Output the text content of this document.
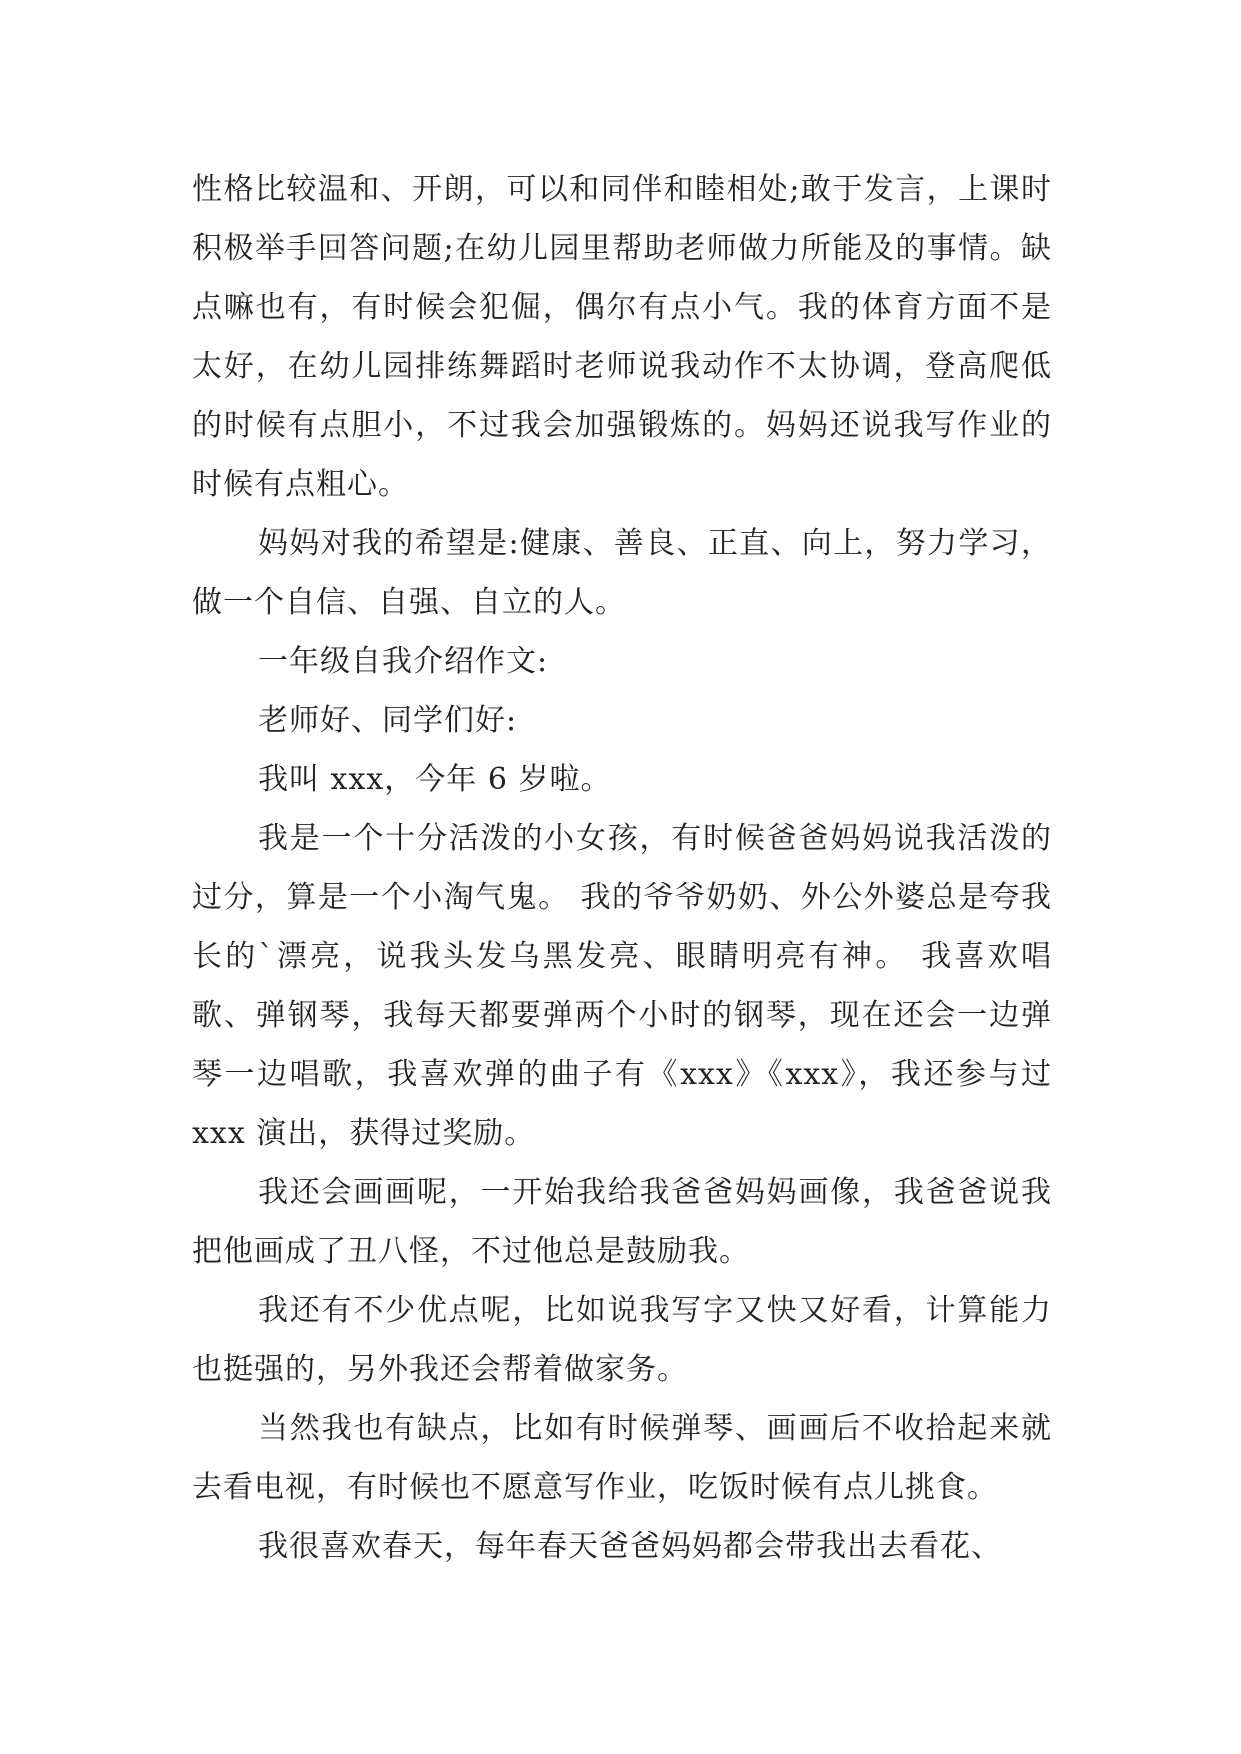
性格比较温和、开朗，可以和同伴和睦相处;敢于发言，上课时积极举手回答问题;在幼儿园里帮助老师做力所能及的事情。缺点嘛也有，有时候会犯倔，偶尔有点小气。我的体育方面不是太好，在幼儿园排练舞蹈时老师说我动作不太协调，登高爬低的时候有点胆小，不过我会加强锻炼的。妈妈还说我写作业的时候有点粗心。

妈妈对我的希望是:健康、善良、正直、向上，努力学习，做一个自信、自强、自立的人。

一年级自我介绍作文:

老师好、同学们好:

我叫 xxx，今年 6 岁啦。

我是一个十分活泼的小女孩，有时候爸爸妈妈说我活泼的过分，算是一个小淘气鬼。 我的爷爷奶奶、外公外婆总是夸我长的`漂亮，说我头发乌黑发亮、眼睛明亮有神。 我喜欢唱歌、弹钢琴，我每天都要弹两个小时的钢琴，现在还会一边弹琴一边唱歌，我喜欢弹的曲子有《xxx》《xxx》，我还参与过 xxx 演出，获得过奖励。

我还会画画呢，一开始我给我爸爸妈妈画像，我爸爸说我把他画成了丑八怪，不过他总是鼓励我。

我还有不少优点呢，比如说我写字又快又好看，计算能力也挺强的，另外我还会帮着做家务。

当然我也有缺点，比如有时候弹琴、画画后不收拾起来就去看电视，有时候也不愿意写作业，吃饭时候有点儿挑食。

我很喜欢春天，每年春天爸爸妈妈都会带我出去看花、
